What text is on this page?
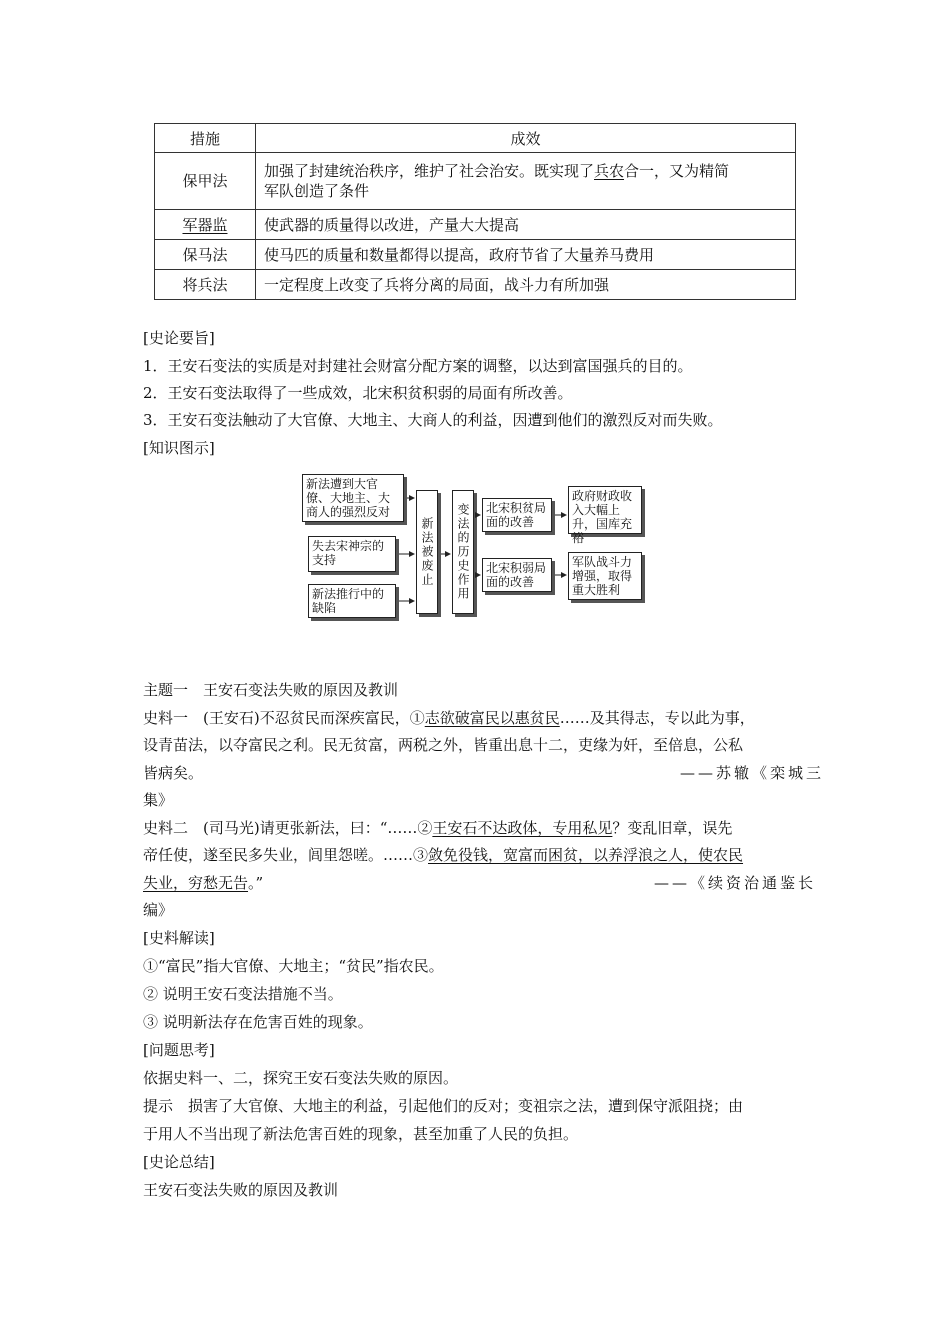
措施	成效
保甲法	加强了封建统治秩序，维护了社会治安。既实现了兵农合一，又为精简
军队创造了条件
军器监	使武器的质量得以改进，产量大大提高
保马法	使马匹的质量和数量都得以提高，政府节省了大量养马费用
将兵法	一定程度上改变了兵将分离的局面，战斗力有所加强
[史论要旨]
1．王安石变法的实质是对封建社会财富分配方案的调整，以达到富国强兵的目的。
2．王安石变法取得了一些成效，北宋积贫积弱的局面有所改善。
3．王安石变法触动了大官僚、大地主、大商人的利益，因遭到他们的激烈反对而失败。
[知识图示]
新法遭到大官僚、大地主、大商人的强烈反对
失去宋神宗的支持
新法推行中的缺陷
新法被废止	变法的历史作用	北宋积贫局面的改善
北宋积弱局面的改善
政府财政收入大幅上升，国库充裕
军队战斗力增强，取得重大胜利
主题一　王安石变法失败的原因及教训
史料一　(王安石)不忍贫民而深疾富民，①志欲破富民以惠贫民……及其得志，专以此为事，
设青苗法，以夺富民之利。民无贫富，两税之外，皆重出息十二，吏缘为奸，至倍息，公私
皆病矣。	——苏辙《栾城三
集》
史料二　(司马光)请更张新法，曰：“……②王安石不达政体，专用私见？变乱旧章，误先
帝任使，遂至民多失业，闾里怨嗟。……③敛免役钱，宽富而困贫，以养浮浪之人，使农民
失业，穷愁无告。”	——《续资治通鉴长
编》
[史料解读]
①“富民”指大官僚、大地主；“贫民”指农民。
② 说明王安石变法措施不当。
③ 说明新法存在危害百姓的现象。
[问题思考]
依据史料一、二，探究王安石变法失败的原因。
提示　损害了大官僚、大地主的利益，引起他们的反对；变祖宗之法，遭到保守派阻挠；由
于用人不当出现了新法危害百姓的现象，甚至加重了人民的负担。
[史论总结]
王安石变法失败的原因及教训
